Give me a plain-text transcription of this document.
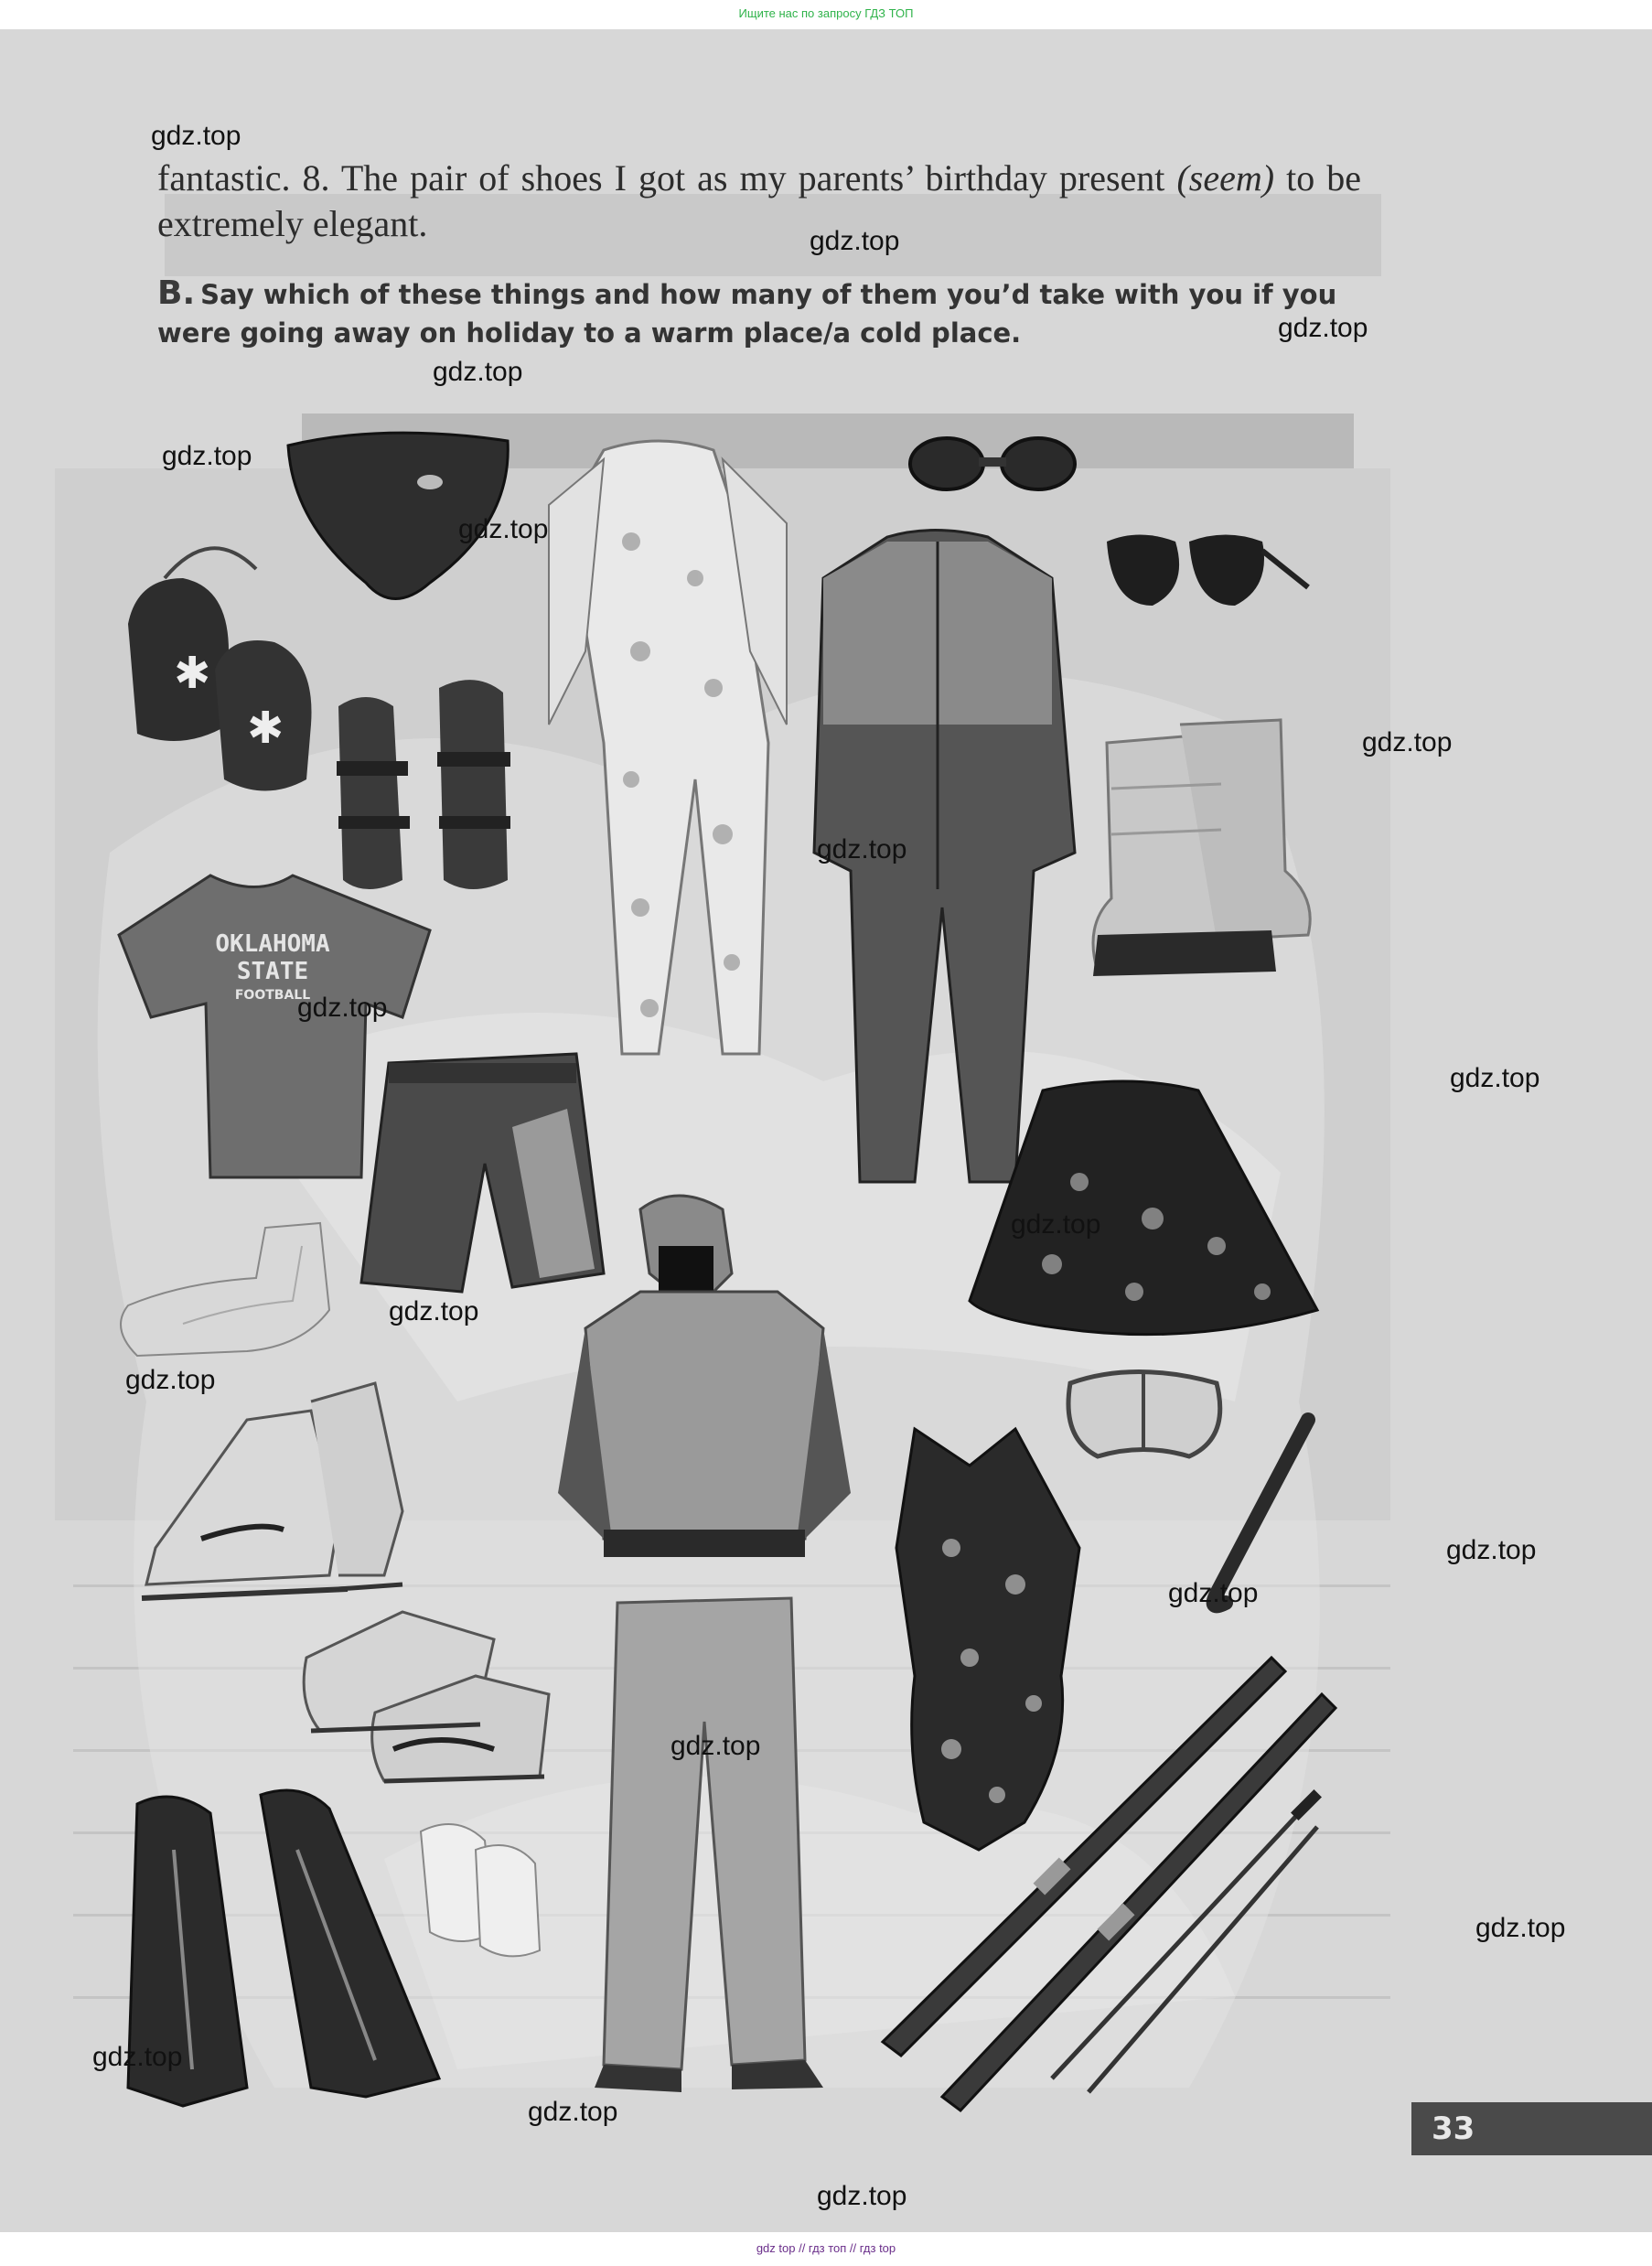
Ищите нас по запросу ГДЗ ТОП
fantastic. 8. The pair of shoes I got as my parents’ birthday present (seem) to be extremely elegant.
B. Say which of these things and how many of them you’d take with you if you were going away on holiday to a warm place/a cold place.
✱
✱
OKLAHOMA
STATE
FOOTBALL
33
gdz.top
gdz.top
gdz.top
gdz.top
gdz.top
gdz.top
gdz.top
gdz.top
gdz.top
gdz.top
gdz.top
gdz.top
gdz.top
gdz.top
gdz.top
gdz.top
gdz.top
gdz.top
gdz.top
gdz.top
gdz top // гдз топ // гдз top
